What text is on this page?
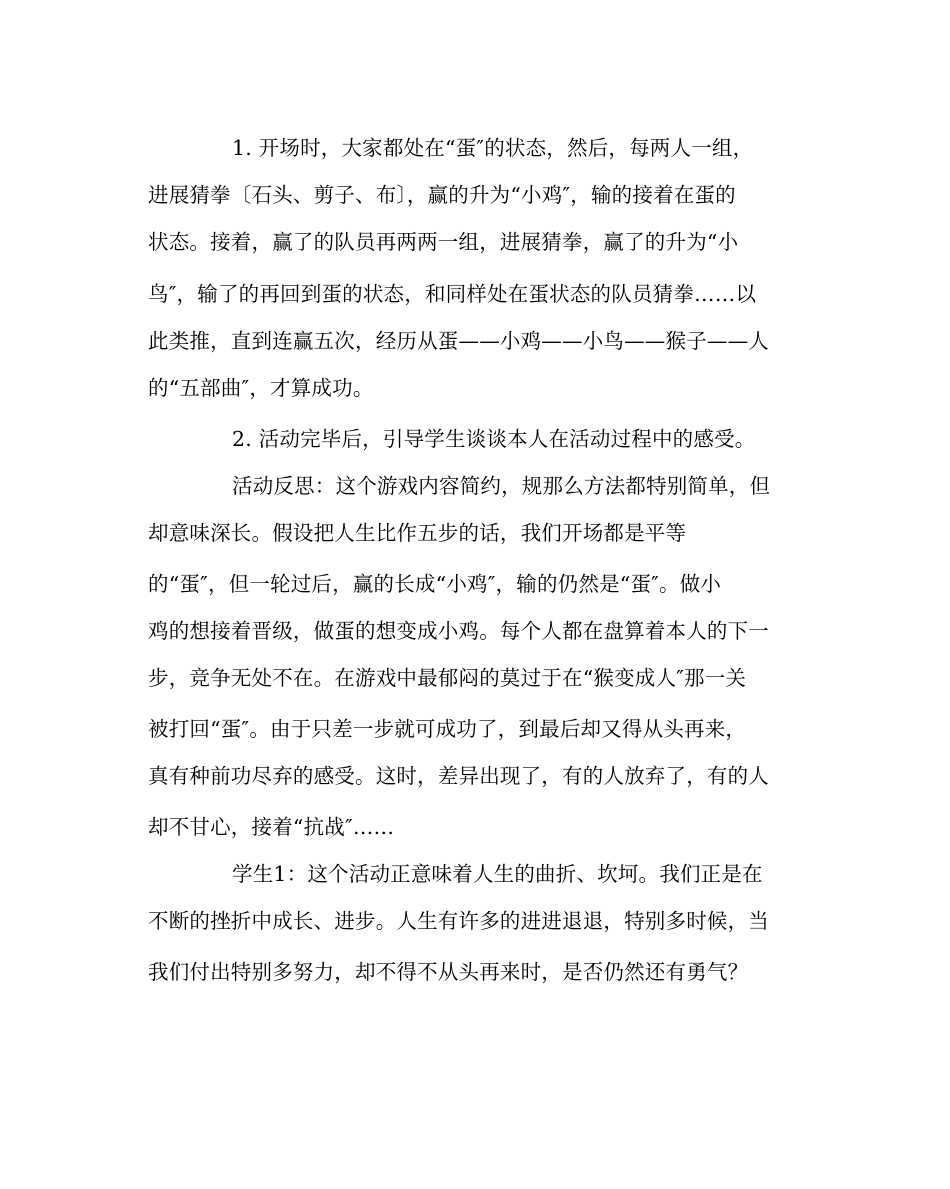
1. 开场时，大家都处在“蛋″的状态，然后，每两人一组，
进展猜拳〔石头、剪子、布〕，赢的升为“小鸡″，输的接着在蛋的
状态。接着，赢了的队员再两两一组，进展猜拳，赢了的升为“小
鸟″，输了的再回到蛋的状态，和同样处在蛋状态的队员猜拳……以
此类推，直到连赢五次，经历从蛋——小鸡——小鸟——猴子——人
的“五部曲″，才算成功。
2. 活动完毕后，引导学生谈谈本人在活动过程中的感受。
活动反思：这个游戏内容简约，规那么方法都特别简单，但
却意味深长。假设把人生比作五步的话，我们开场都是平等
的“蛋″，但一轮过后，赢的长成“小鸡″，输的仍然是“蛋″。做小
鸡的想接着晋级，做蛋的想变成小鸡。每个人都在盘算着本人的下一
步，竞争无处不在。在游戏中最郁闷的莫过于在“猴变成人″那一关
被打回“蛋″。由于只差一步就可成功了，到最后却又得从头再来，
真有种前功尽弃的感受。这时，差异出现了，有的人放弃了，有的人
却不甘心，接着“抗战″……
学生1：这个活动正意味着人生的曲折、坎坷。我们正是在
不断的挫折中成长、进步。人生有许多的进进退退，特别多时候，当
我们付出特别多努力，却不得不从头再来时，是否仍然还有勇气？
